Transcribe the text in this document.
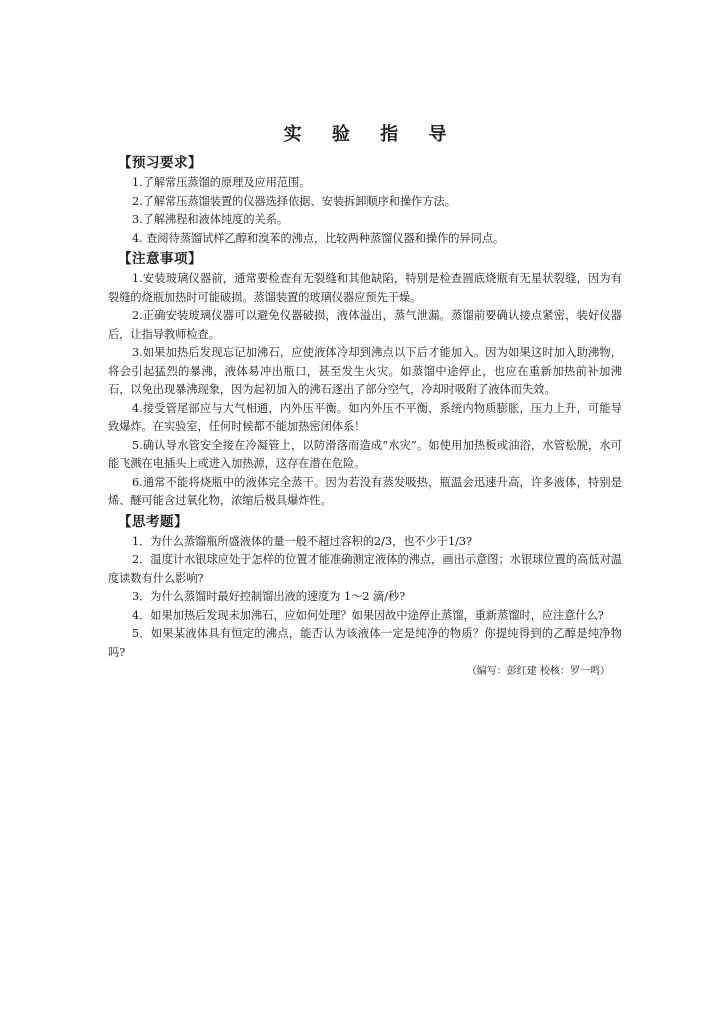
实 验 指 导
【预习要求】

1.了解常压蒸馏的原理及应用范围。

2.了解常压蒸馏装置的仪器选择依据、安装拆卸顺序和操作方法。

3.了解沸程和液体纯度的关系。

4. 查阅待蒸馏试样乙醇和溴苯的沸点，比较两种蒸馏仪器和操作的异同点。

【注意事项】

1.安装玻璃仪器前，通常要检查有无裂缝和其他缺陷，特别是检查圆底烧瓶有无星状裂缝，因为有裂缝的烧瓶加热时可能破损。蒸馏装置的玻璃仪器应预先干燥。

2.正确安装玻璃仪器可以避免仪器破损，液体溢出，蒸气泄漏。蒸馏前要确认接点紧密，装好仪器后，让指导教师检查。

3.如果加热后发现忘记加沸石，应使液体冷却到沸点以下后才能加入。因为如果这时加入助沸物，将会引起猛烈的暴沸，液体易冲出瓶口，甚至发生火灾。如蒸馏中途停止，也应在重新加热前补加沸石，以免出现暴沸现象，因为起初加入的沸石逐出了部分空气，冷却时吸附了液体而失效。

4.接受管尾部应与大气相通，内外压平衡。如内外压不平衡，系统内物质膨胀，压力上升，可能导致爆炸。在实验室，任何时候都不能加热密闭体系！

5.确认导水管安全接在冷凝管上，以防滑落而造成“水灾”。如使用加热板或油浴，水管松脱，水可能飞溅在电插头上或进入加热源，这存在潜在危险。

6.通常不能将烧瓶中的液体完全蒸干。因为若没有蒸发吸热，瓶温会迅速升高，许多液体，特别是烯、醚可能含过氧化物，浓缩后极具爆炸性。

【思考题】

1．为什么蒸馏瓶所盛液体的量一般不超过容积的2/3，也不少于1/3?

2．温度计水银球应处于怎样的位置才能准确测定液体的沸点，画出示意图；水银球位置的高低对温度读数有什么影响?

3．为什么蒸馏时最好控制馏出液的速度为 1～2 滴/秒?

4．如果加热后发现未加沸石，应如何处理？如果因故中途停止蒸馏，重新蒸馏时，应注意什么?

5．如果某液体具有恒定的沸点，能否认为该液体一定是纯净的物质？你提纯得到的乙醇是纯净物吗?

（编写：彭红建 校核：罗一鸣）
